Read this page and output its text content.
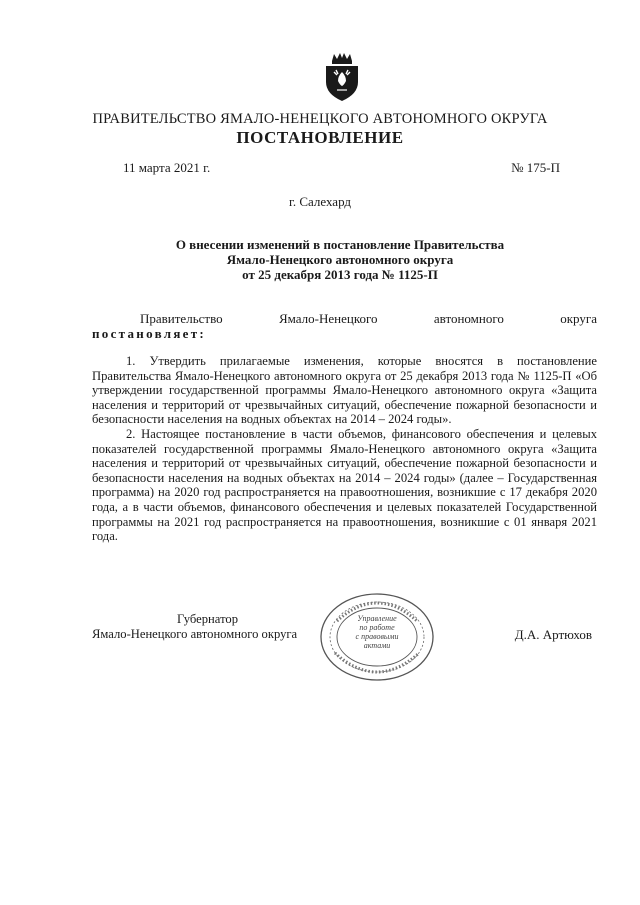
ПРАВИТЕЛЬСТВО ЯМАЛО-НЕНЕЦКОГО АВТОНОМНОГО ОКРУГА
ПОСТАНОВЛЕНИЕ
11 марта 2021 г.	№ 175-П
г. Салехард
О внесении изменений в постановление Правительства
Ямало-Ненецкого автономного округа
от 25 декабря 2013 года № 1125-П
Правительство	Ямало-Ненецкого	автономного	округа
постановляет:

1. Утвердить прилагаемые изменения, которые вносятся в постановление Правительства Ямало-Ненецкого автономного округа от 25 декабря 2013 года № 1125-П «Об утверждении государственной программы Ямало-Ненецкого автономного округа «Защита населения и территорий от чрезвычайных ситуаций, обеспечение пожарной безопасности и безопасности населения на водных объектах на 2014 – 2024 годы».

2. Настоящее постановление в части объемов, финансового обеспечения и целевых показателей государственной программы Ямало-Ненецкого автономного округа «Защита населения и территорий от чрезвычайных ситуаций, обеспечение пожарной безопасности и безопасности населения на водных объектах на 2014 – 2024 годы» (далее – Государственная программа) на 2020 год распространяется на правоотношения, возникшие с 17 декабря 2020 года, а в части объемов, финансового обеспечения и целевых показателей Государственной программы на 2021 год распространяется на правоотношения, возникшие с 01 января 2021 года.

Губернатор
Ямало-Ненецкого автономного округа	Д.А. Артюхов
Управление
по работе
с правовыми
актами
